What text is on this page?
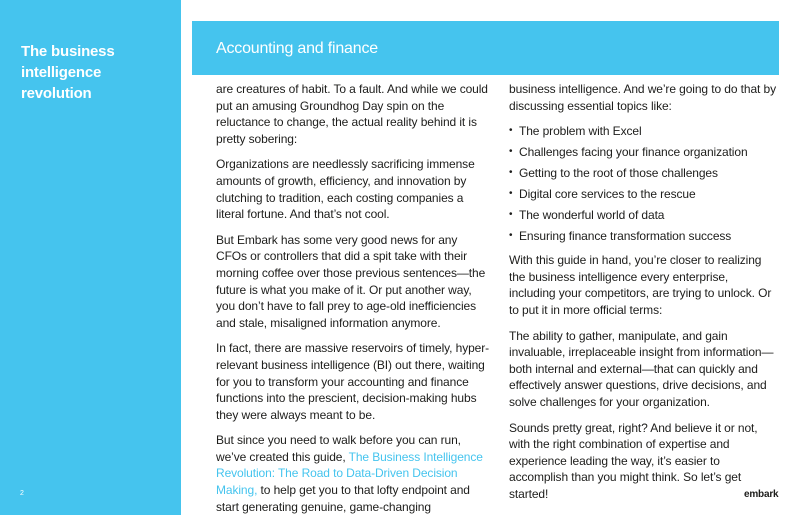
The business intelligence revolution
2
Accounting and finance

are creatures of habit. To a fault. And while we could put an amusing Groundhog Day spin on the reluctance to change, the actual reality behind it is pretty sobering:

Organizations are needlessly sacrificing immense amounts of growth, efficiency, and innovation by clutching to tradition, each costing companies a literal fortune. And that’s not cool.

But Embark has some very good news for any CFOs or controllers that did a spit take with their morning coffee over those previous sentences—the future is what you make of it. Or put another way, you don’t have to fall prey to age-old inefficiencies and stale, misaligned information anymore.

In fact, there are massive reservoirs of timely, hyper-relevant business intelligence (BI) out there, waiting for you to transform your accounting and finance functions into the prescient, decision-making hubs they were always meant to be.

But since you need to walk before you can run, we’ve created this guide, The Business Intelligence Revolution: The Road to Data-Driven Decision Making, to help get you to that lofty endpoint and start generating genuine, game-changing

business intelligence. And we’re going to do that by discussing essential topics like:

• The problem with Excel
• Challenges facing your finance organization
• Getting to the root of those challenges
• Digital core services to the rescue
• The wonderful world of data
• Ensuring finance transformation success

With this guide in hand, you’re closer to realizing the business intelligence every enterprise, including your competitors, are trying to unlock. Or to put it in more official terms:

The ability to gather, manipulate, and gain invaluable, irreplaceable insight from information—both internal and external—that can quickly and effectively answer questions, drive decisions, and solve challenges for your organization.

Sounds pretty great, right? And believe it or not, with the right combination of expertise and experience leading the way, it’s easier to accomplish than you might think. So let’s get started!	embark
